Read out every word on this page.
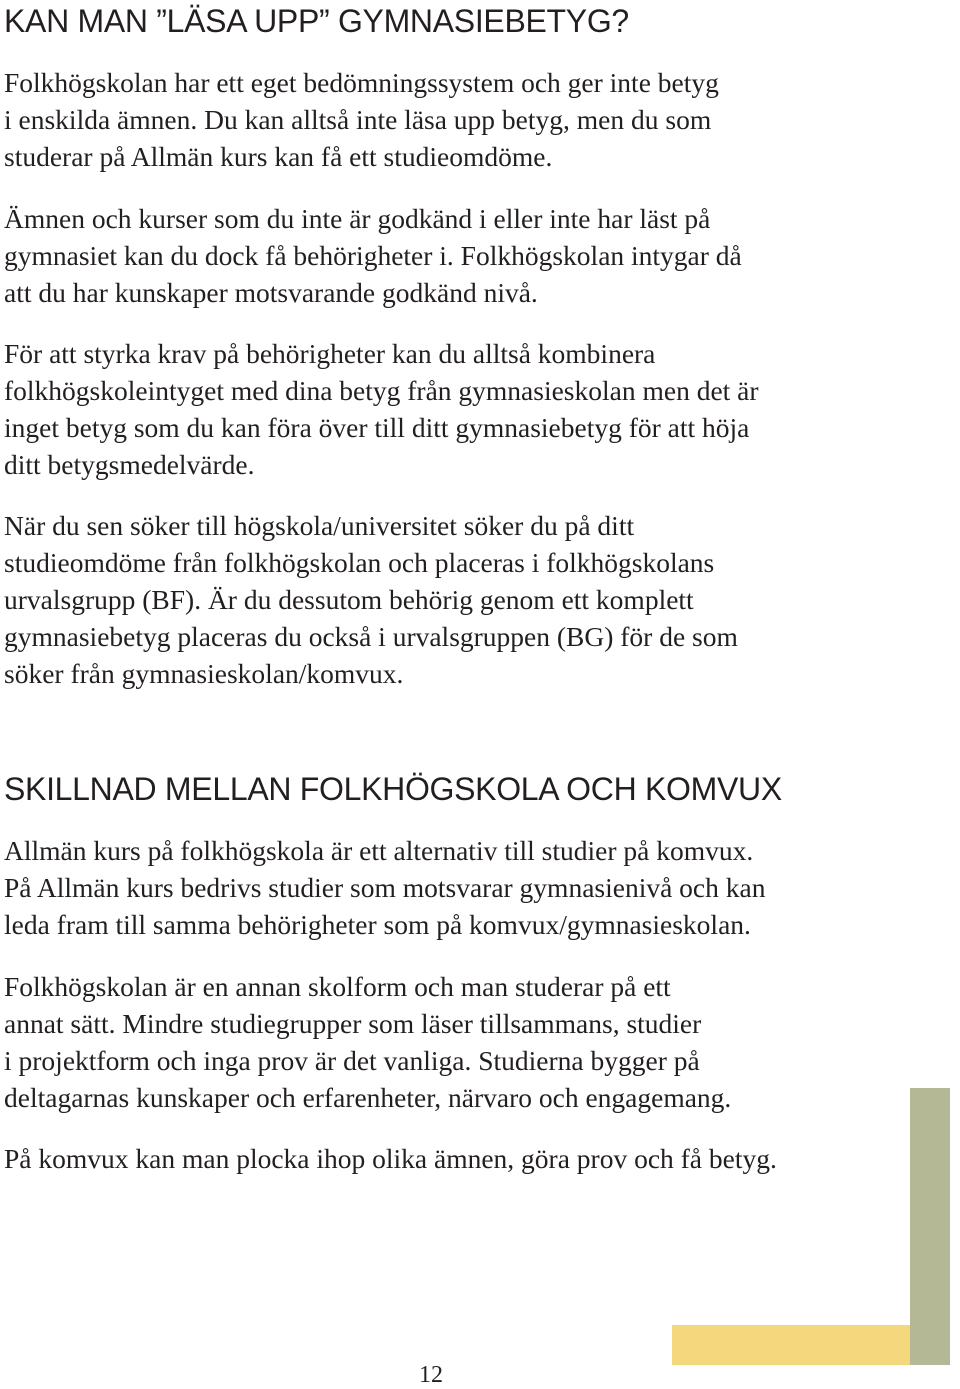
KAN MAN ”LÄSA UPP” GYMNASIEBETYG?

Folkhögskolan har ett eget bedömningssystem och ger inte betyg
i enskilda ämnen. Du kan alltså inte läsa upp betyg, men du som
studerar på Allmän kurs kan få ett studieomdöme.

Ämnen och kurser som du inte är godkänd i eller inte har läst på
gymnasiet kan du dock få behörigheter i. Folkhögskolan intygar då
att du har kunskaper motsvarande godkänd nivå.

För att styrka krav på behörigheter kan du alltså kombinera
folkhögskoleintyget med dina betyg från gymnasieskolan men det är
inget betyg som du kan föra över till ditt gymnasiebetyg för att höja
ditt betygsmedelvärde.

När du sen söker till högskola/universitet söker du på ditt
studieomdöme från folkhögskolan och placeras i folkhögskolans
urvalsgrupp (BF). Är du dessutom behörig genom ett komplett
gymnasiebetyg placeras du också i urvalsgruppen (BG) för de som
söker från gymnasieskolan/komvux.

SKILLNAD MELLAN FOLKHÖGSKOLA OCH KOMVUX

Allmän kurs på folkhögskola är ett alternativ till studier på komvux.
På Allmän kurs bedrivs studier som motsvarar gymnasienivå och kan
leda fram till samma behörigheter som på komvux/gymnasieskolan.

Folkhögskolan är en annan skolform och man studerar på ett
annat sätt. Mindre studiegrupper som läser tillsammans, studier
i projektform och inga prov är det vanliga. Studierna bygger på
deltagarnas kunskaper och erfarenheter, närvaro och engagemang.

På komvux kan man plocka ihop olika ämnen, göra prov och få betyg.

12
